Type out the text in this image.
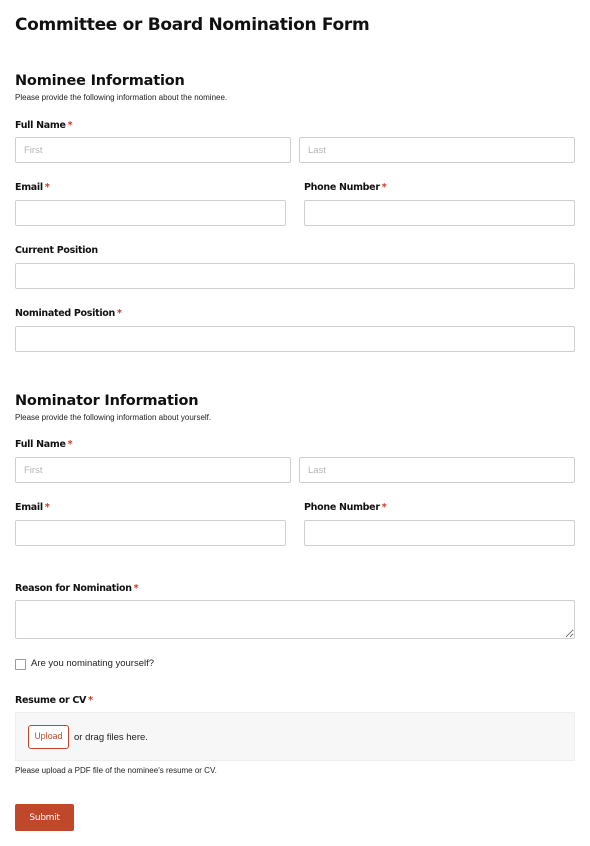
Committee or Board Nomination Form
Nominee Information
Please provide the following information about the nominee.
Full Name *
First
Last
Email *	Phone Number *
Current Position
Nominated Position *
Nominator Information
Please provide the following information about yourself.
Full Name *
First
Last
Email *	Phone Number *
Reason for Nomination *
Are you nominating yourself?
Resume or CV *
Upload	or drag files here.
Please upload a PDF file of the nominee's resume or CV.
Submit
